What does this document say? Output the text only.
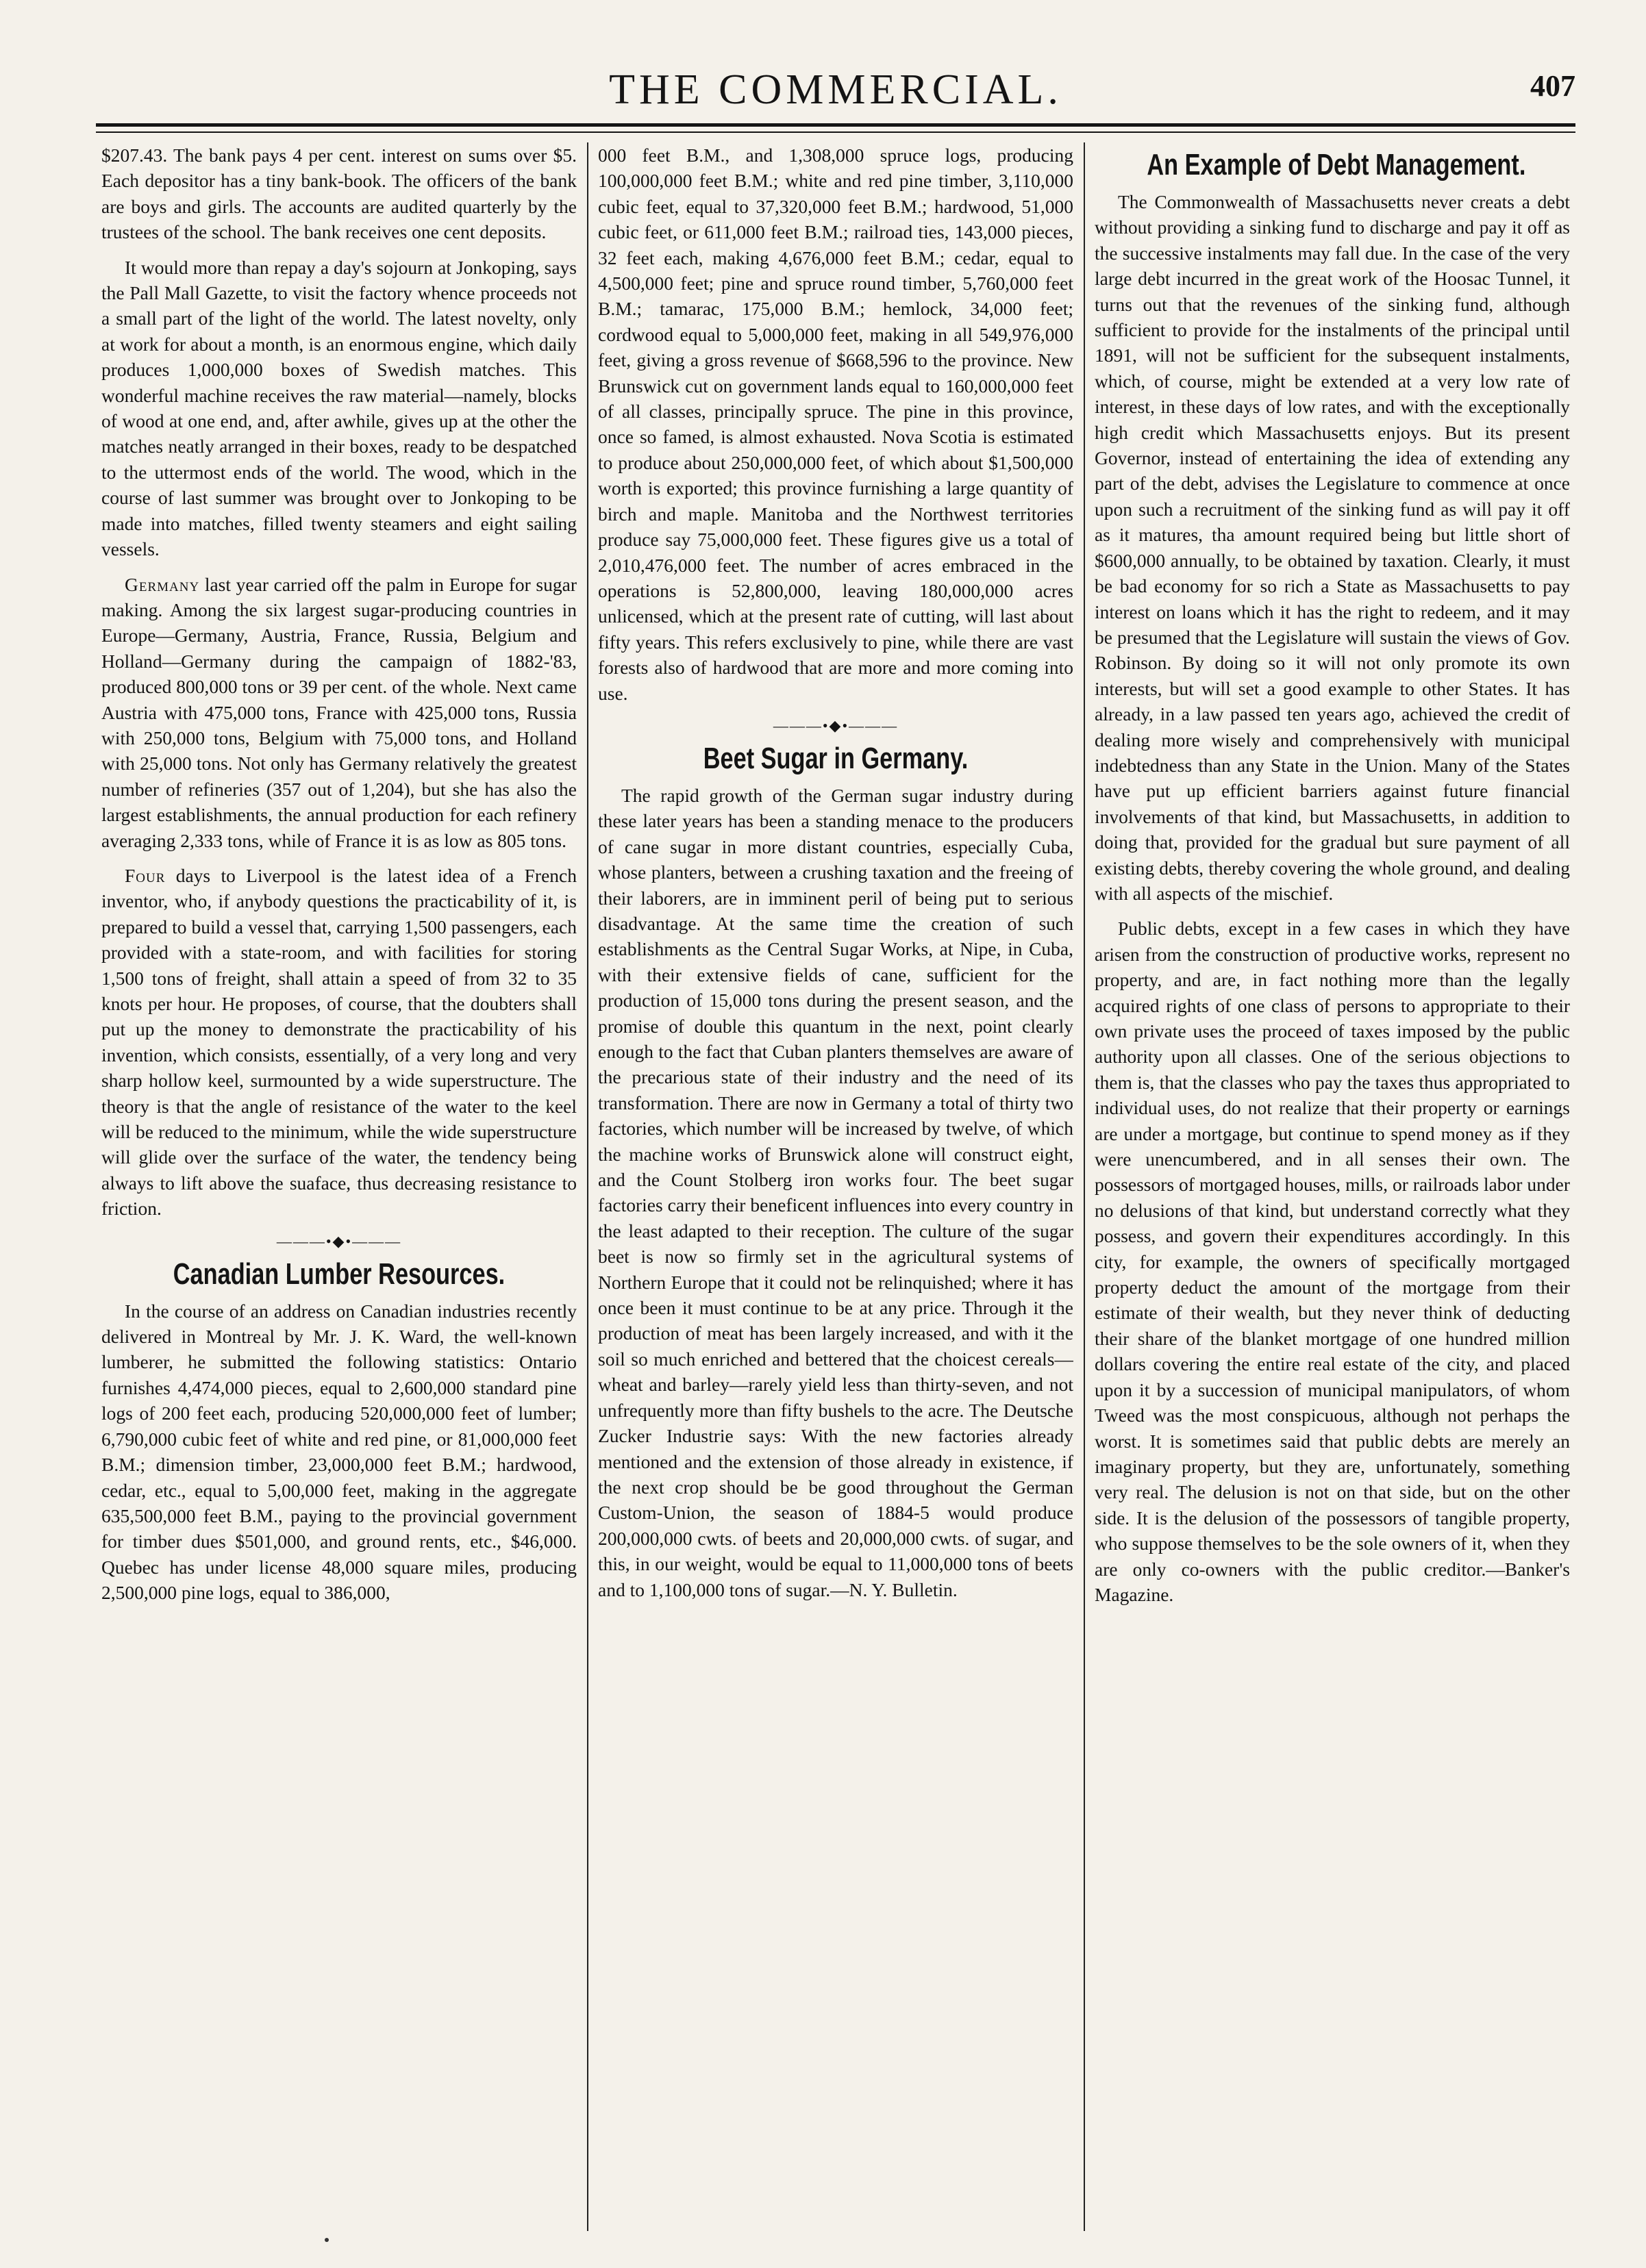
THE COMMERCIAL.	407

$207.43. The bank pays 4 per cent. interest on sums over $5. Each depositor has a tiny bank-book. The officers of the bank are boys and girls. The accounts are audited quarterly by the trustees of the school. The bank receives one cent deposits.

It would more than repay a day's sojourn at Jonkoping, says the Pall Mall Gazette, to visit the factory whence proceeds not a small part of the light of the world. The latest novelty, only at work for about a month, is an enormous engine, which daily produces 1,000,000 boxes of Swedish matches. This wonderful machine receives the raw material—namely, blocks of wood at one end, and, after awhile, gives up at the other the matches neatly arranged in their boxes, ready to be despatched to the uttermost ends of the world. The wood, which in the course of last summer was brought over to Jonkoping to be made into matches, filled twenty steamers and eight sailing vessels.

Germany last year carried off the palm in Europe for sugar making. Among the six largest sugar-producing countries in Europe—Germany, Austria, France, Russia, Belgium and Holland—Germany during the campaign of 1882-'83, produced 800,000 tons or 39 per cent. of the whole. Next came Austria with 475,000 tons, France with 425,000 tons, Russia with 250,000 tons, Belgium with 75,000 tons, and Holland with 25,000 tons. Not only has Germany relatively the greatest number of refineries (357 out of 1,204), but she has also the largest establishments, the annual production for each refinery averaging 2,333 tons, while of France it is as low as 805 tons.

Four days to Liverpool is the latest idea of a French inventor, who, if anybody questions the practicability of it, is prepared to build a vessel that, carrying 1,500 passengers, each provided with a state-room, and with facilities for storing 1,500 tons of freight, shall attain a speed of from 32 to 35 knots per hour. He proposes, of course, that the doubters shall put up the money to demonstrate the practicability of his invention, which consists, essentially, of a very long and very sharp hollow keel, surmounted by a wide superstructure. The theory is that the angle of resistance of the water to the keel will be reduced to the minimum, while the wide superstructure will glide over the surface of the water, the tendency being always to lift above the suaface, thus decreasing resistance to friction.

———•◆•———
Canadian Lumber Resources.

In the course of an address on Canadian industries recently delivered in Montreal by Mr. J. K. Ward, the well-known lumberer, he submitted the following statistics: Ontario furnishes 4,474,000 pieces, equal to 2,600,000 standard pine logs of 200 feet each, producing 520,000,000 feet of lumber; 6,790,000 cubic feet of white and red pine, or 81,000,000 feet B.M.; dimension timber, 23,000,000 feet B.M.; hardwood, cedar, etc., equal to 5,00,000 feet, making in the aggregate 635,500,000 feet B.M., paying to the provincial government for timber dues $501,000, and ground rents, etc., $46,000. Quebec has under license 48,000 square miles, producing 2,500,000 pine logs, equal to 386,000,

000 feet B.M., and 1,308,000 spruce logs, producing 100,000,000 feet B.M.; white and red pine timber, 3,110,000 cubic feet, equal to 37,320,000 feet B.M.; hardwood, 51,000 cubic feet, or 611,000 feet B.M.; railroad ties, 143,000 pieces, 32 feet each, making 4,676,000 feet B.M.; cedar, equal to 4,500,000 feet; pine and spruce round timber, 5,760,000 feet B.M.; tamarac, 175,000 B.M.; hemlock, 34,000 feet; cordwood equal to 5,000,000 feet, making in all 549,976,000 feet, giving a gross revenue of $668,596 to the province. New Brunswick cut on government lands equal to 160,000,000 feet of all classes, principally spruce. The pine in this province, once so famed, is almost exhausted. Nova Scotia is estimated to produce about 250,000,000 feet, of which about $1,500,000 worth is exported; this province furnishing a large quantity of birch and maple. Manitoba and the Northwest territories produce say 75,000,000 feet. These figures give us a total of 2,010,476,000 feet. The number of acres embraced in the operations is 52,800,000, leaving 180,000,000 acres unlicensed, which at the present rate of cutting, will last about fifty years. This refers exclusively to pine, while there are vast forests also of hardwood that are more and more coming into use.

———•◆•———
Beet Sugar in Germany.

The rapid growth of the German sugar industry during these later years has been a standing menace to the producers of cane sugar in more distant countries, especially Cuba, whose planters, between a crushing taxation and the freeing of their laborers, are in imminent peril of being put to serious disadvantage. At the same time the creation of such establishments as the Central Sugar Works, at Nipe, in Cuba, with their extensive fields of cane, sufficient for the production of 15,000 tons during the present season, and the promise of double this quantum in the next, point clearly enough to the fact that Cuban planters themselves are aware of the precarious state of their industry and the need of its transformation. There are now in Germany a total of thirty two factories, which number will be increased by twelve, of which the machine works of Brunswick alone will construct eight, and the Count Stolberg iron works four. The beet sugar factories carry their beneficent influences into every country in the least adapted to their reception. The culture of the sugar beet is now so firmly set in the agricultural systems of Northern Europe that it could not be relinquished; where it has once been it must continue to be at any price. Through it the production of meat has been largely increased, and with it the soil so much enriched and bettered that the choicest cereals—wheat and barley—rarely yield less than thirty-seven, and not unfrequently more than fifty bushels to the acre. The Deutsche Zucker Industrie says: With the new factories already mentioned and the extension of those already in existence, if the next crop should be be good throughout the German Custom-Union, the season of 1884-5 would produce 200,000,000 cwts. of beets and 20,000,000 cwts. of sugar, and this, in our weight, would be equal to 11,000,000 tons of beets and to 1,100,000 tons of sugar.—N. Y. Bulletin.

An Example of Debt Management.

The Commonwealth of Massachusetts never creats a debt without providing a sinking fund to discharge and pay it off as the successive instalments may fall due. In the case of the very large debt incurred in the great work of the Hoosac Tunnel, it turns out that the revenues of the sinking fund, although sufficient to provide for the instalments of the principal until 1891, will not be sufficient for the subsequent instalments, which, of course, might be extended at a very low rate of interest, in these days of low rates, and with the exceptionally high credit which Massachusetts enjoys. But its present Governor, instead of entertaining the idea of extending any part of the debt, advises the Legislature to commence at once upon such a recruitment of the sinking fund as will pay it off as it matures, tha amount required being but little short of $600,000 annually, to be obtained by taxation. Clearly, it must be bad economy for so rich a State as Massachusetts to pay interest on loans which it has the right to redeem, and it may be presumed that the Legislature will sustain the views of Gov. Robinson. By doing so it will not only promote its own interests, but will set a good example to other States. It has already, in a law passed ten years ago, achieved the credit of dealing more wisely and comprehensively with municipal indebtedness than any State in the Union. Many of the States have put up efficient barriers against future financial involvements of that kind, but Massachusetts, in addition to doing that, provided for the gradual but sure payment of all existing debts, thereby covering the whole ground, and dealing with all aspects of the mischief.

Public debts, except in a few cases in which they have arisen from the construction of productive works, represent no property, and are, in fact nothing more than the legally acquired rights of one class of persons to appropriate to their own private uses the proceed of taxes imposed by the public authority upon all classes. One of the serious objections to them is, that the classes who pay the taxes thus appropriated to individual uses, do not realize that their property or earnings are under a mortgage, but continue to spend money as if they were unencumbered, and in all senses their own. The possessors of mortgaged houses, mills, or railroads labor under no delusions of that kind, but understand correctly what they possess, and govern their expenditures accordingly. In this city, for example, the owners of specifically mortgaged property deduct the amount of the mortgage from their estimate of their wealth, but they never think of deducting their share of the blanket mortgage of one hundred million dollars covering the entire real estate of the city, and placed upon it by a succession of municipal manipulators, of whom Tweed was the most conspicuous, although not perhaps the worst. It is sometimes said that public debts are merely an imaginary property, but they are, unfortunately, something very real. The delusion is not on that side, but on the other side. It is the delusion of the possessors of tangible property, who suppose themselves to be the sole owners of it, when they are only co-owners with the public creditor.—Banker's Magazine.
